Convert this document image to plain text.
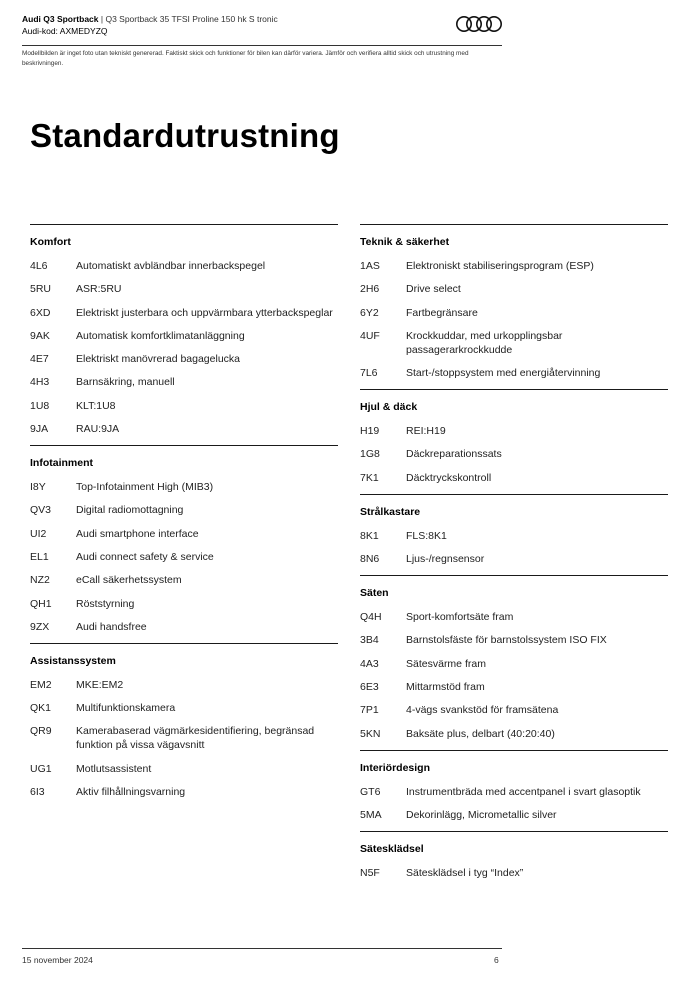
Audi Q3 Sportback | Q3 Sportback 35 TFSI Proline 150 hk S tronic
Audi-kod: AXMEDYZQ
Modellbilden är inget foto utan tekniskt genererad. Faktiskt skick och funktioner för bilen kan därför variera. Jämför och verifiera alltid skick och utrustning med beskrivningen.
Standardutrustning
Komfort
4L6	Automatiskt avbländbar innerbackspegel
5RU	ASR:5RU
6XD	Elektriskt justerbara och uppvärmbara ytterbackspeglar
9AK	Automatisk komfortklimatanläggning
4E7	Elektriskt manövrerad bagagelucka
4H3	Barnsäkring, manuell
1U8	KLT:1U8
9JA	RAU:9JA
Infotainment
I8Y	Top-Infotainment High (MIB3)
QV3	Digital radiomottagning
UI2	Audi smartphone interface
EL1	Audi connect safety & service
NZ2	eCall säkerhetssystem
QH1	Röststyrning
9ZX	Audi handsfree
Assistanssystem
EM2	MKE:EM2
QK1	Multifunktionskamera
QR9	Kamerabaserad vägmärkesidentifiering, begränsad funktion på vissa vägavsnitt
UG1	Motlutsassistent
6I3	Aktiv filhållningsvarning
Teknik & säkerhet
1AS	Elektroniskt stabiliseringsprogram (ESP)
2H6	Drive select
6Y2	Fartbegränsare
4UF	Krockkuddar, med urkopplingsbar passagerarkrockkudde
7L6	Start-/stoppsystem med energiåtervinning
Hjul & däck
H19	REI:H19
1G8	Däckreparationssats
7K1	Däcktryckskontroll
Strålkastare
8K1	FLS:8K1
8N6	Ljus-/regnsensor
Säten
Q4H	Sport-komfortsäte fram
3B4	Barnstolsfäste för barnstolssystem ISO FIX
4A3	Sätesvärme fram
6E3	Mittarmstöd fram
7P1	4-vägs svankstöd för framsätena
5KN	Baksäte plus, delbart (40:20:40)
Interiördesign
GT6	Instrumentbräda med accentpanel i svart glasoptik
5MA	Dekorinlägg, Micrometallic silver
Sätesklädsel
N5F	Sätesklädsel i tyg “Index”
15 november 2024	6
